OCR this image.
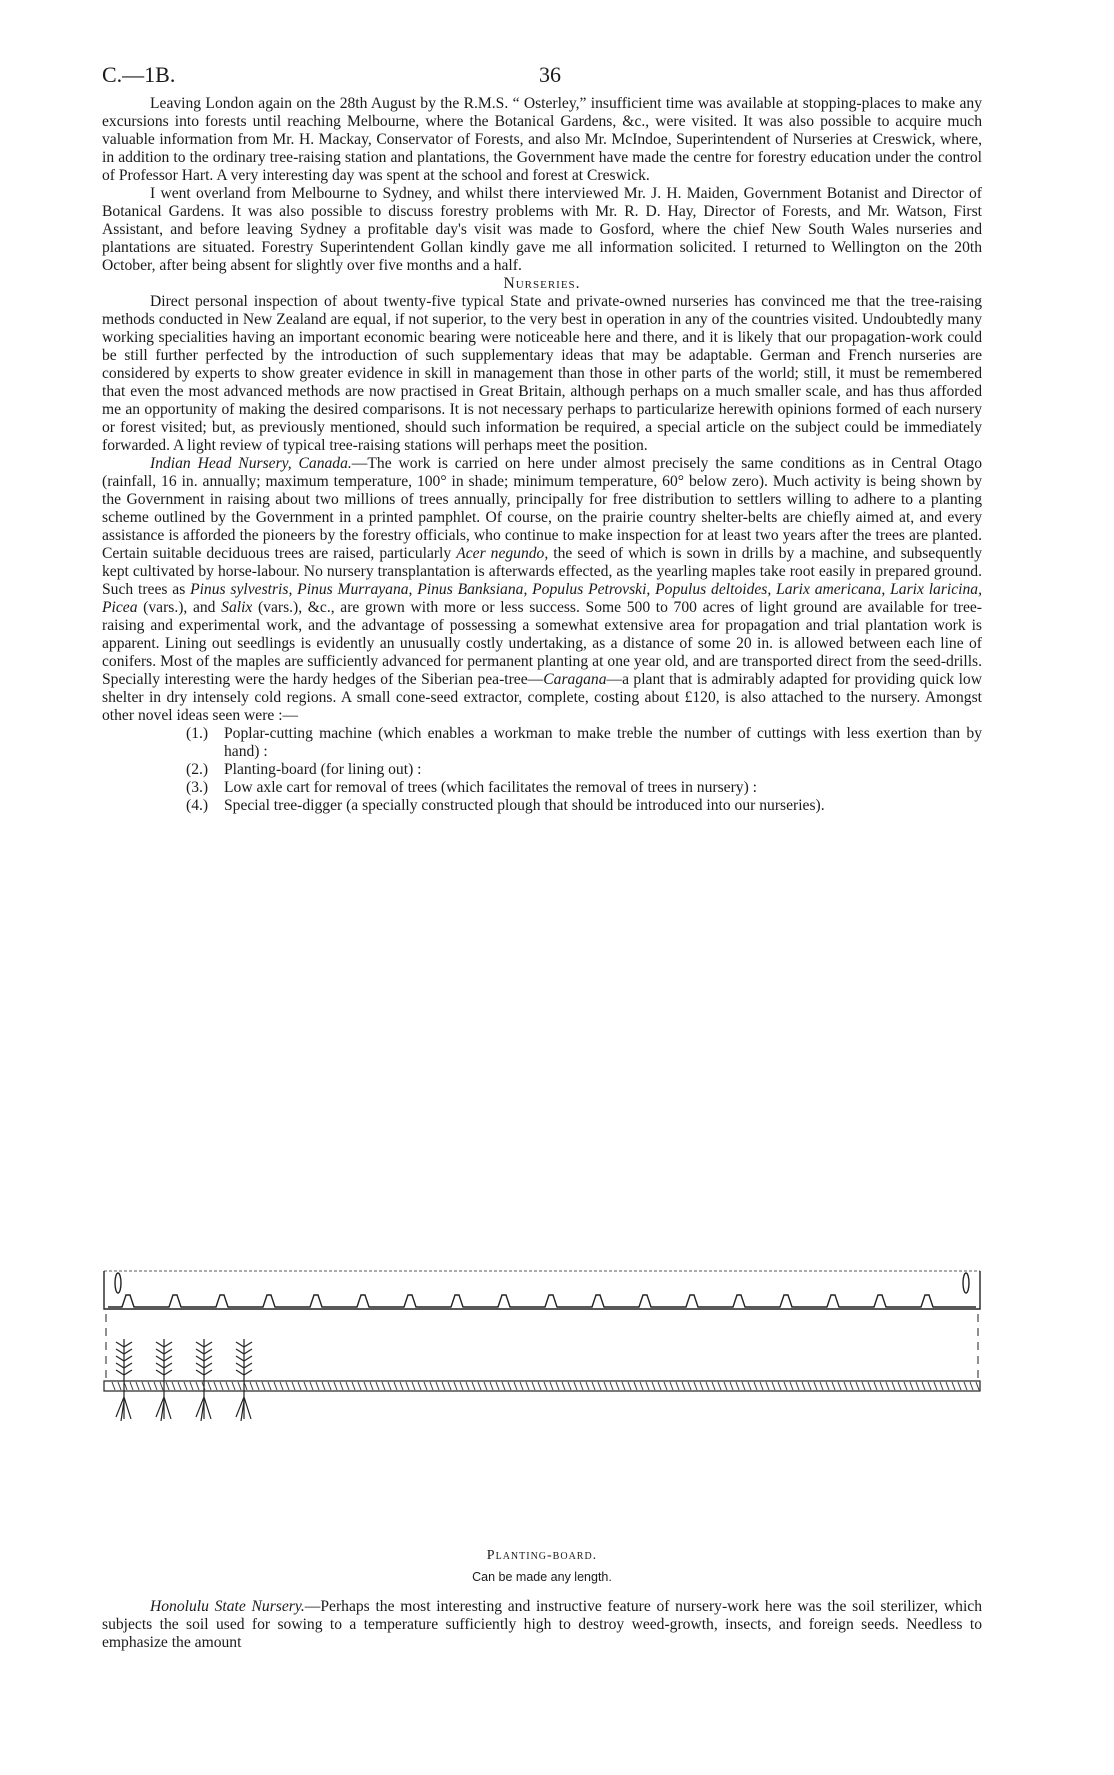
C.—1B.	36

Leaving London again on the 28th August by the R.M.S. “ Osterley,” insufficient time was available at stopping-places to make any excursions into forests until reaching Melbourne, where the Botanical Gardens, &c., were visited. It was also possible to acquire much valuable information from Mr. H. Mackay, Conservator of Forests, and also Mr. McIndoe, Superintendent of Nurseries at Creswick, where, in addition to the ordinary tree-raising station and plantations, the Government have made the centre for forestry education under the control of Professor Hart. A very interesting day was spent at the school and forest at Creswick.

I went overland from Melbourne to Sydney, and whilst there interviewed Mr. J. H. Maiden, Government Botanist and Director of Botanical Gardens. It was also possible to discuss forestry problems with Mr. R. D. Hay, Director of Forests, and Mr. Watson, First Assistant, and before leaving Sydney a profitable day's visit was made to Gosford, where the chief New South Wales nurseries and plantations are situated. Forestry Superintendent Gollan kindly gave me all information solicited. I returned to Wellington on the 20th October, after being absent for slightly over five months and a half.

Nurseries.

Direct personal inspection of about twenty-five typical State and private-owned nurseries has convinced me that the tree-raising methods conducted in New Zealand are equal, if not superior, to the very best in operation in any of the countries visited. Undoubtedly many working specialities having an important economic bearing were noticeable here and there, and it is likely that our propagation-work could be still further perfected by the introduction of such supplementary ideas that may be adaptable. German and French nurseries are considered by experts to show greater evidence in skill in management than those in other parts of the world; still, it must be remembered that even the most advanced methods are now practised in Great Britain, although perhaps on a much smaller scale, and has thus afforded me an opportunity of making the desired comparisons. It is not necessary perhaps to particularize herewith opinions formed of each nursery or forest visited; but, as previously mentioned, should such information be required, a special article on the subject could be immediately forwarded. A light review of typical tree-raising stations will perhaps meet the position.

Indian Head Nursery, Canada.—The work is carried on here under almost precisely the same conditions as in Central Otago (rainfall, 16 in. annually; maximum temperature, 100° in shade; minimum temperature, 60° below zero). Much activity is being shown by the Government in raising about two millions of trees annually, principally for free distribution to settlers willing to adhere to a planting scheme outlined by the Government in a printed pamphlet. Of course, on the prairie country shelter-belts are chiefly aimed at, and every assistance is afforded the pioneers by the forestry officials, who continue to make inspection for at least two years after the trees are planted. Certain suitable deciduous trees are raised, particularly Acer negundo, the seed of which is sown in drills by a machine, and subsequently kept cultivated by horse-labour. No nursery transplantation is afterwards effected, as the yearling maples take root easily in prepared ground. Such trees as Pinus sylvestris, Pinus Murrayana, Pinus Banksiana, Populus Petrovski, Populus deltoides, Larix americana, Larix laricina, Picea (vars.), and Salix (vars.), &c., are grown with more or less success. Some 500 to 700 acres of light ground are available for tree-raising and experimental work, and the advantage of possessing a somewhat extensive area for propagation and trial plantation work is apparent. Lining out seedlings is evidently an unusually costly undertaking, as a distance of some 20 in. is allowed between each line of conifers. Most of the maples are sufficiently advanced for permanent planting at one year old, and are transported direct from the seed-drills. Specially interesting were the hardy hedges of the Siberian pea-tree—Caragana—a plant that is admirably adapted for providing quick low shelter in dry intensely cold regions. A small cone-seed extractor, complete, costing about £120, is also attached to the nursery. Amongst other novel ideas seen were :—

(1.) Poplar-cutting machine (which enables a workman to make treble the number of cuttings with less exertion than by hand) :
(2.) Planting-board (for lining out) :
(3.) Low axle cart for removal of trees (which facilitates the removal of trees in nursery) :
(4.) Special tree-digger (a specially constructed plough that should be introduced into our nurseries).
Planting-board.
Can be made any length.

Honolulu State Nursery.—Perhaps the most interesting and instructive feature of nursery-work here was the soil sterilizer, which subjects the soil used for sowing to a temperature sufficiently high to destroy weed-growth, insects, and foreign seeds. Needless to emphasize the amount
